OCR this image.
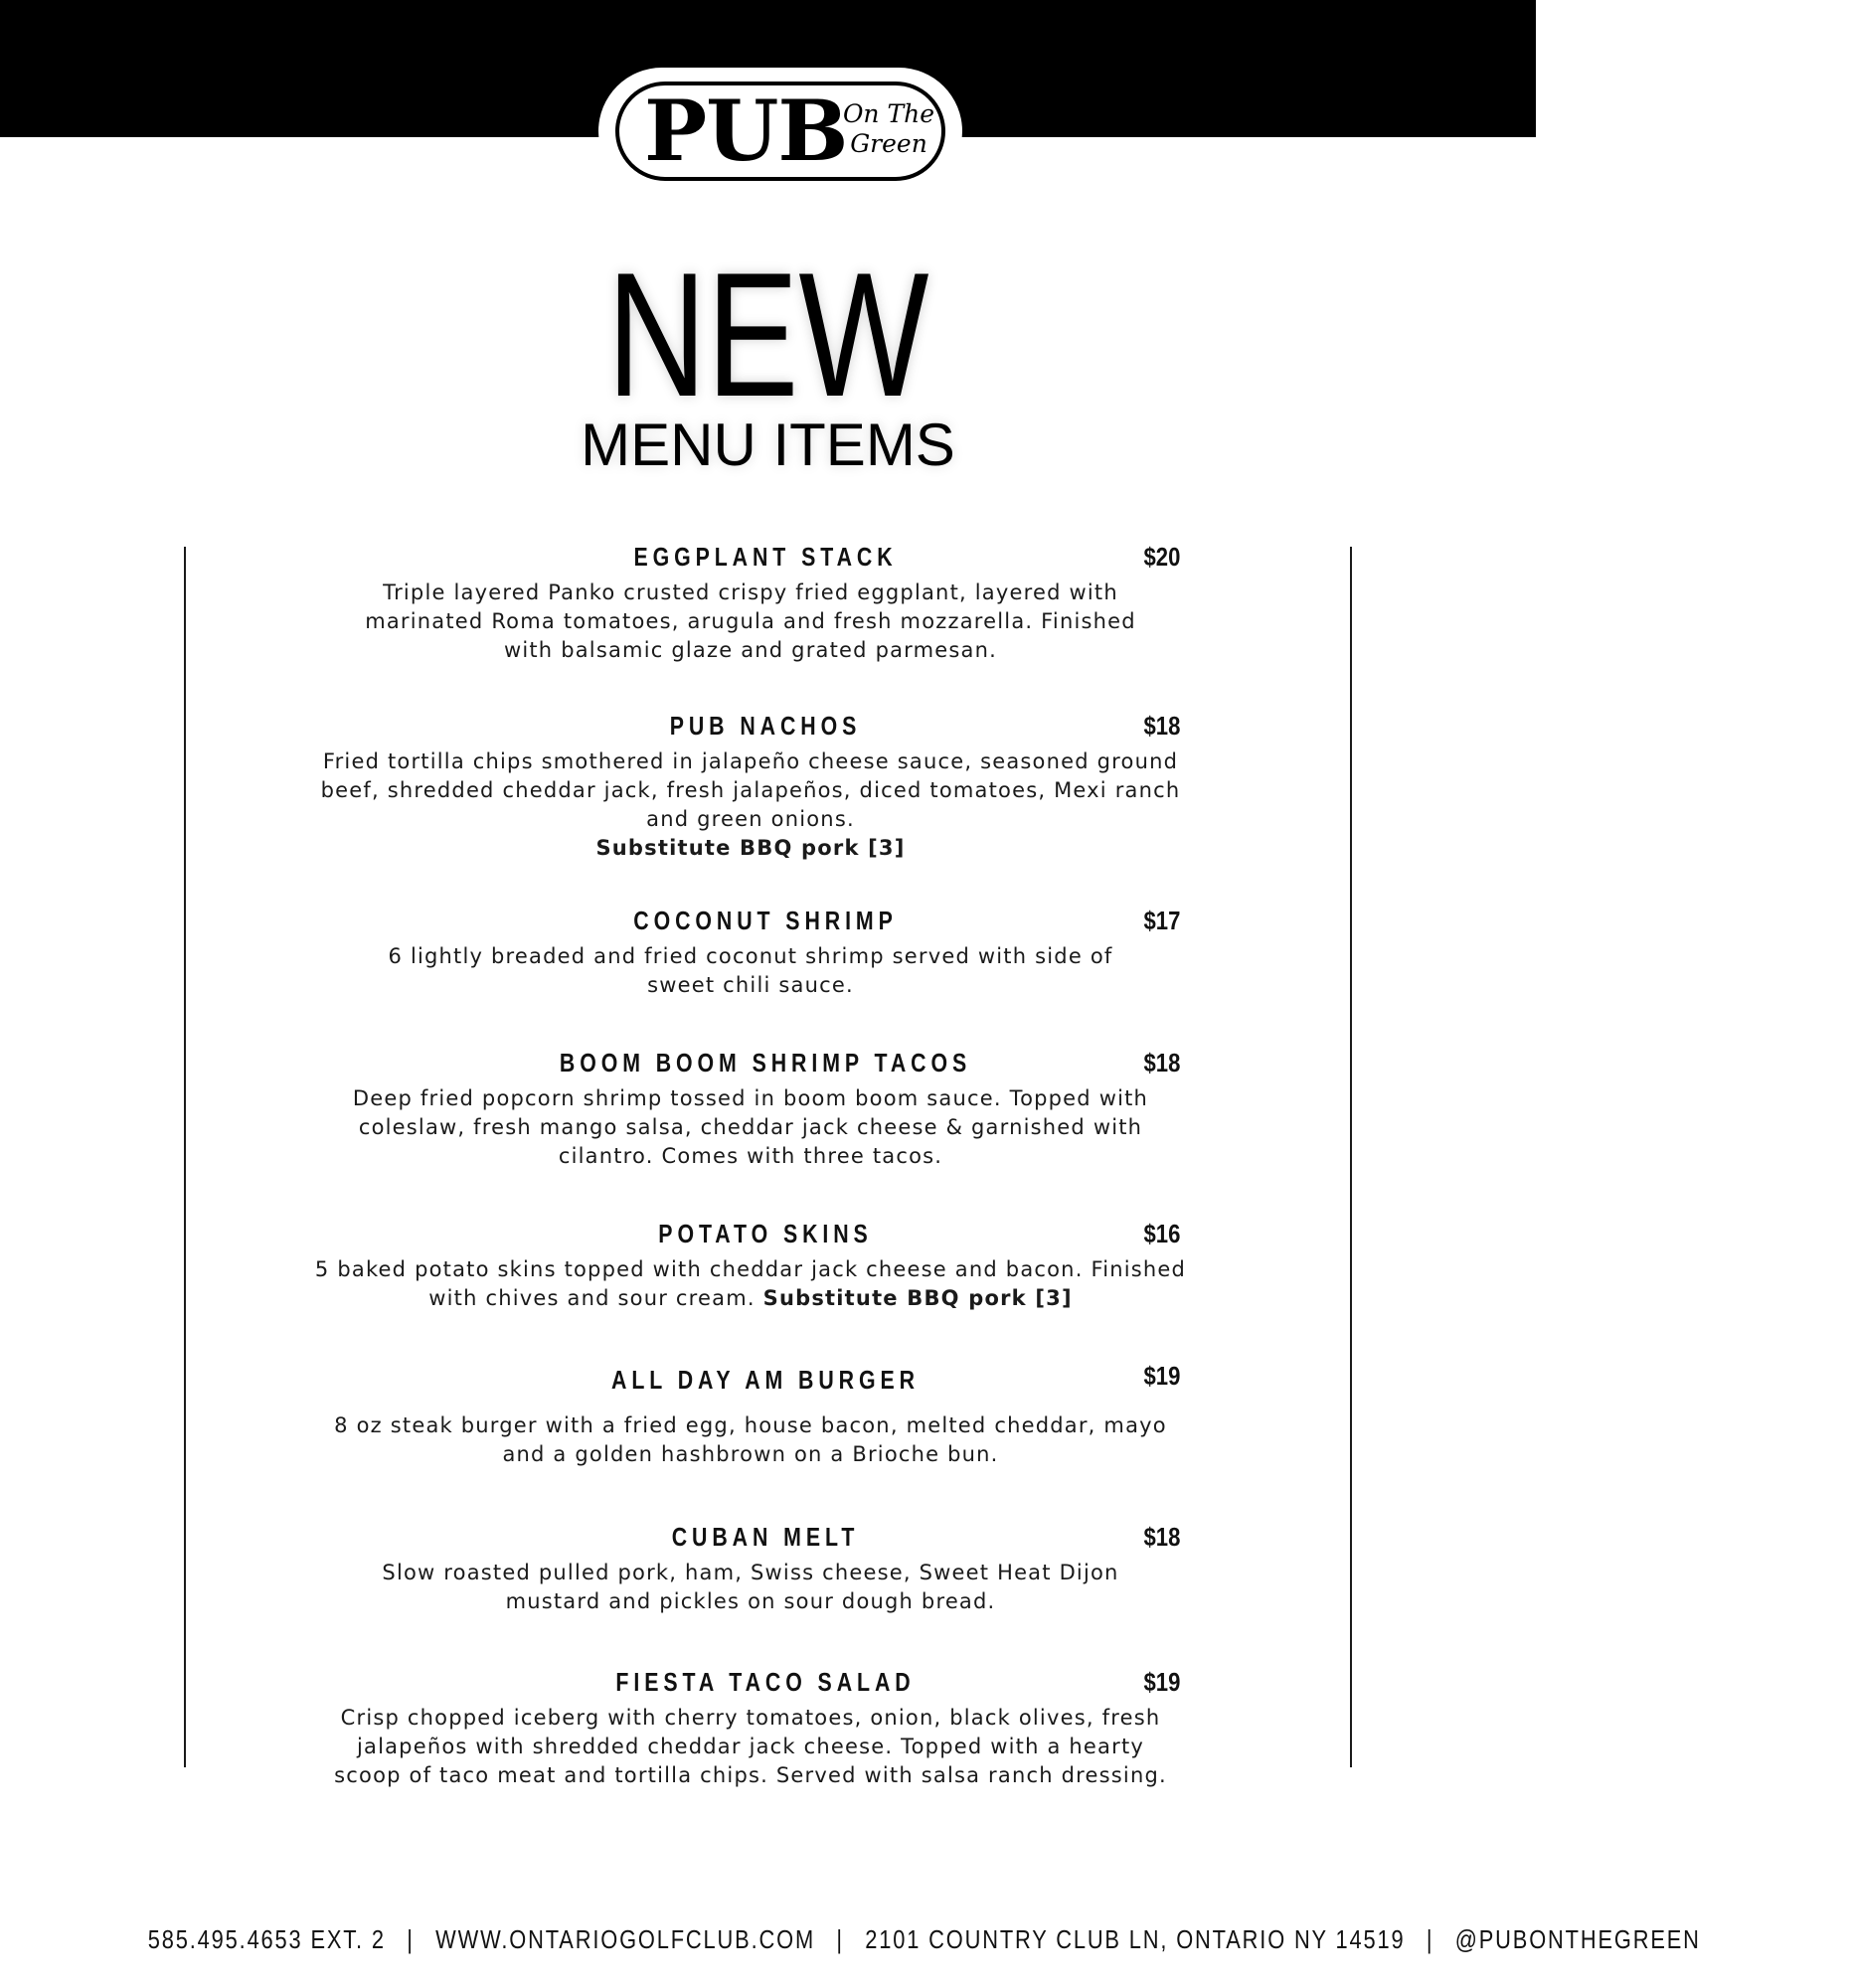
PUB
On The
Green
NEW
MENU ITEMS
EGGPLANT STACK	$20
Triple layered Panko crusted crispy fried eggplant, layered with marinated Roma tomatoes, arugula and fresh mozzarella. Finished with balsamic glaze and grated parmesan.
PUB NACHOS	$18
Fried tortilla chips smothered in jalapeño cheese sauce, seasoned ground beef, shredded cheddar jack, fresh jalapeños, diced tomatoes, Mexi ranch and green onions.
Substitute BBQ pork [3]
COCONUT SHRIMP	$17
6 lightly breaded and fried coconut shrimp served with side of sweet chili sauce.
BOOM BOOM SHRIMP TACOS	$18
Deep fried popcorn shrimp tossed in boom boom sauce. Topped with coleslaw, fresh mango salsa, cheddar jack cheese & garnished with cilantro. Comes with three tacos.
POTATO SKINS	$16
5 baked potato skins topped with cheddar jack cheese and bacon. Finished with chives and sour cream. Substitute BBQ pork [3]
ALL DAY AM BURGER	$19
8 oz steak burger with a fried egg, house bacon, melted cheddar, mayo and a golden hashbrown on a Brioche bun.
CUBAN MELT	$18
Slow roasted pulled pork, ham, Swiss cheese, Sweet Heat Dijon mustard and pickles on sour dough bread.
FIESTA TACO SALAD	$19
Crisp chopped iceberg with cherry tomatoes, onion, black olives, fresh jalapeños with shredded cheddar jack cheese. Topped with a hearty scoop of taco meat and tortilla chips. Served with salsa ranch dressing.
585.495.4653 EXT. 2 | WWW.ONTARIOGOLFCLUB.COM | 2101 COUNTRY CLUB LN, ONTARIO NY 14519 | @PUBONTHEGREEN
